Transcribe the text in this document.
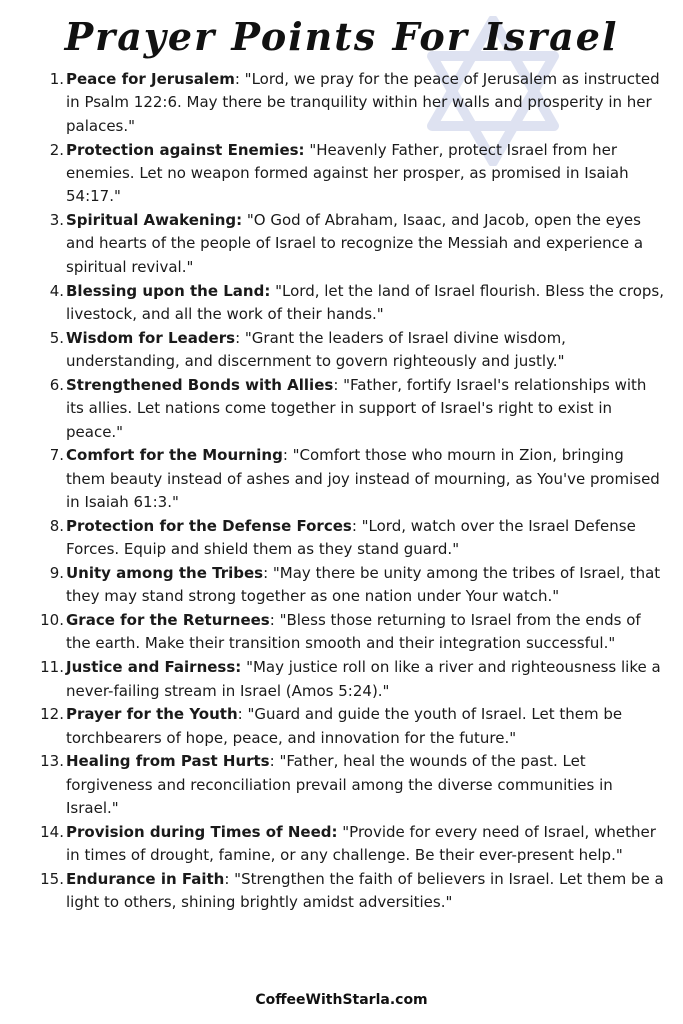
Prayer Points For Israel
1. Peace for Jerusalem: "Lord, we pray for the peace of Jerusalem as instructed in Psalm 122:6. May there be tranquility within her walls and prosperity in her palaces."
2. Protection against Enemies: "Heavenly Father, protect Israel from her enemies. Let no weapon formed against her prosper, as promised in Isaiah 54:17."
3. Spiritual Awakening: "O God of Abraham, Isaac, and Jacob, open the eyes and hearts of the people of Israel to recognize the Messiah and experience a spiritual revival."
4. Blessing upon the Land: "Lord, let the land of Israel flourish. Bless the crops, livestock, and all the work of their hands."
5. Wisdom for Leaders: "Grant the leaders of Israel divine wisdom, understanding, and discernment to govern righteously and justly."
6. Strengthened Bonds with Allies: "Father, fortify Israel's relationships with its allies. Let nations come together in support of Israel's right to exist in peace."
7. Comfort for the Mourning: "Comfort those who mourn in Zion, bringing them beauty instead of ashes and joy instead of mourning, as You've promised in Isaiah 61:3."
8. Protection for the Defense Forces: "Lord, watch over the Israel Defense Forces. Equip and shield them as they stand guard."
9. Unity among the Tribes: "May there be unity among the tribes of Israel, that they may stand strong together as one nation under Your watch."
10. Grace for the Returnees: "Bless those returning to Israel from the ends of the earth. Make their transition smooth and their integration successful."
11. Justice and Fairness: "May justice roll on like a river and righteousness like a never-failing stream in Israel (Amos 5:24)."
12. Prayer for the Youth: "Guard and guide the youth of Israel. Let them be torchbearers of hope, peace, and innovation for the future."
13. Healing from Past Hurts: "Father, heal the wounds of the past. Let forgiveness and reconciliation prevail among the diverse communities in Israel."
14. Provision during Times of Need: "Provide for every need of Israel, whether in times of drought, famine, or any challenge. Be their ever-present help."
15. Endurance in Faith: "Strengthen the faith of believers in Israel. Let them be a light to others, shining brightly amidst adversities."
CoffeeWithStarla.com
